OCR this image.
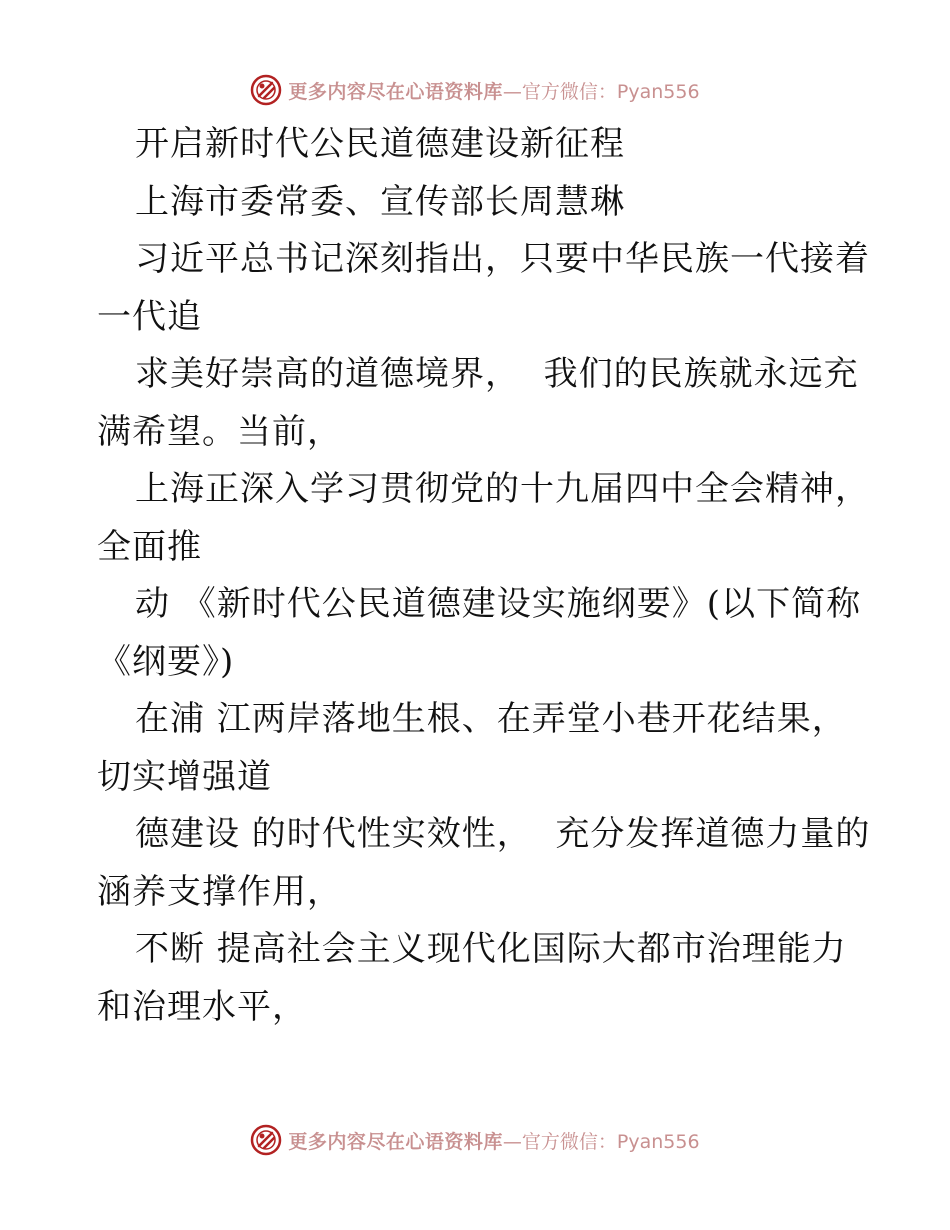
更多内容尽在心语资料库 —官方微信：Pyan556

开启新时代公民道德建设新征程

上海市委常委、宣传部长周慧琳

习近平总书记深刻指出，只要中华民族一代接着

一代追

求美好崇高的道德境界，  我们的民族就永远充

满希望。当前，

上海正深入学习贯彻党的十九届四中全会精神，

全面推

动 《新时代公民道德建设实施纲要》(以下简称

《纲要》)

在浦 江两岸落地生根、在弄堂小巷开花结果，

切实增强道

德建设 的时代性实效性，  充分发挥道德力量的

涵养支撑作用，

不断 提高社会主义现代化国际大都市治理能力

和治理水平，

更多内容尽在心语资料库 —官方微信：Pyan556
